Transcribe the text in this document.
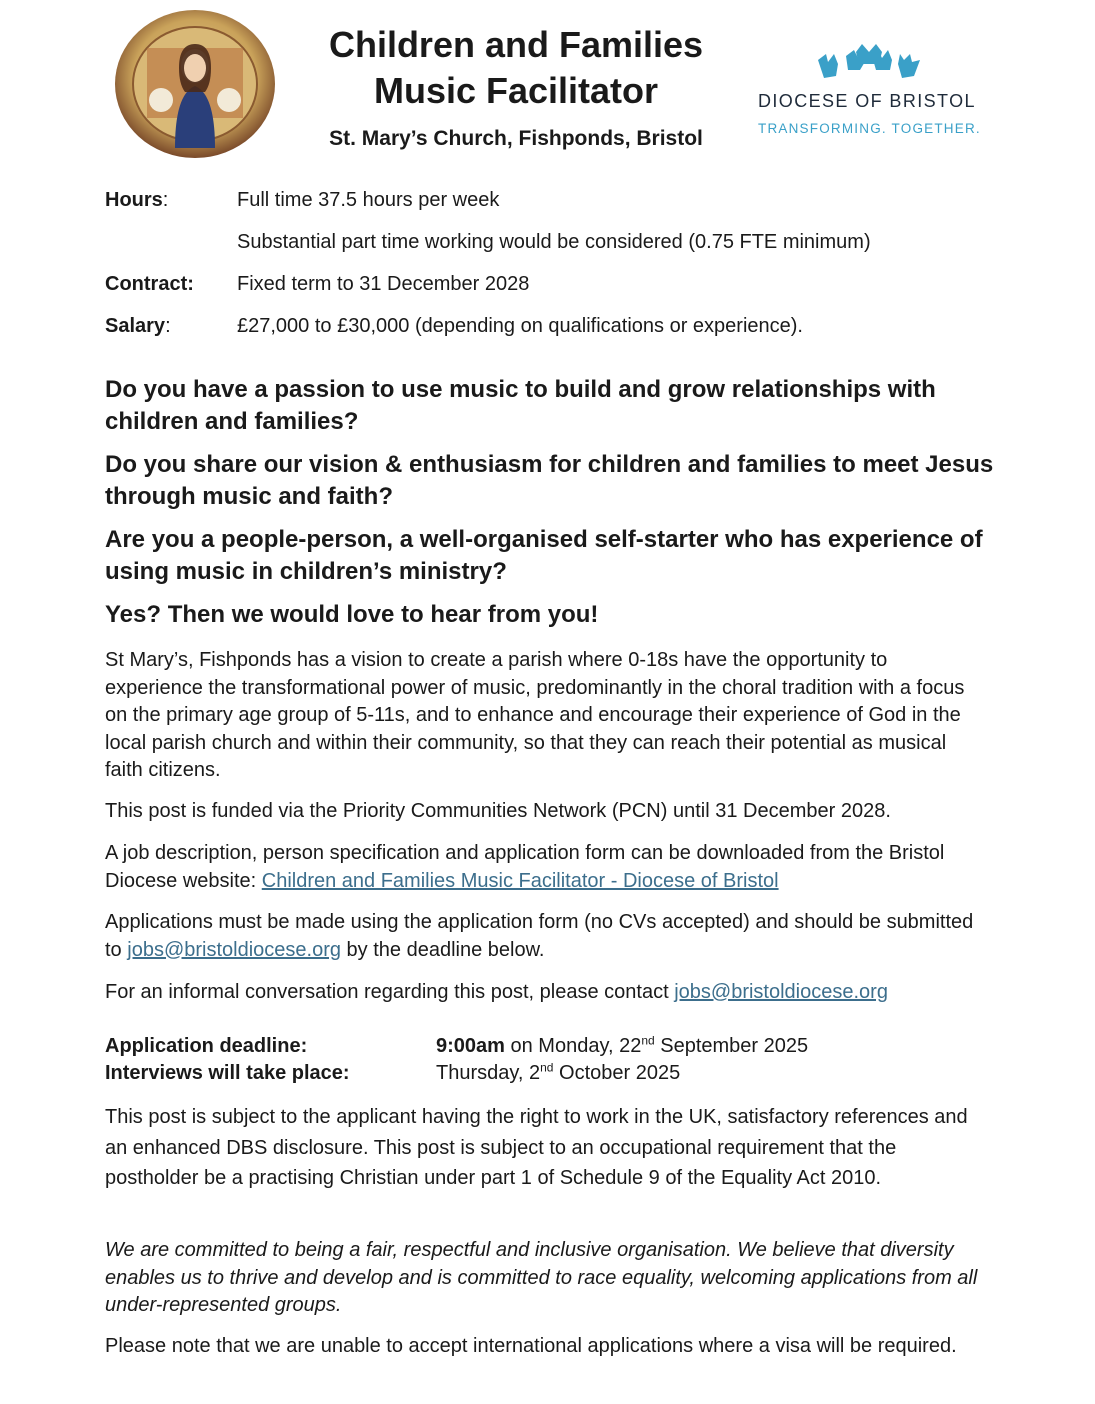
Children and Families
Music Facilitator
St. Mary’s Church, Fishponds, Bristol
DIOCESE OF BRISTOL
TRANSFORMING. TOGETHER.
Hours:	Full time 37.5 hours per week
Substantial part time working would be considered (0.75 FTE minimum)
Contract: Fixed term to 31 December 2028
Salary:	£27,000 to £30,000 (depending on qualifications or experience).
Do you have a passion to use music to build and grow relationships with children and families?
Do you share our vision & enthusiasm for children and families to meet Jesus through music and faith?
Are you a people-person, a well-organised self-starter who has experience of using music in children’s ministry?
Yes? Then we would love to hear from you!
St Mary’s, Fishponds has a vision to create a parish where 0-18s have the opportunity to experience the transformational power of music, predominantly in the choral tradition with a focus on the primary age group of 5-11s, and to enhance and encourage their experience of God in the local parish church and within their community, so that they can reach their potential as musical faith citizens.
This post is funded via the Priority Communities Network (PCN) until 31 December 2028.
A job description, person specification and application form can be downloaded from the Bristol Diocese website: Children and Families Music Facilitator - Diocese of Bristol
Applications must be made using the application form (no CVs accepted) and should be submitted to jobs@bristoldiocese.org by the deadline below.
For an informal conversation regarding this post, please contact jobs@bristoldiocese.org
Application deadline:	9:00am on Monday, 22nd September 2025
Interviews will take place:	Thursday, 2nd October 2025
This post is subject to the applicant having the right to work in the UK, satisfactory references and an enhanced DBS disclosure. This post is subject to an occupational requirement that the postholder be a practising Christian under part 1 of Schedule 9 of the Equality Act 2010.
We are committed to being a fair, respectful and inclusive organisation. We believe that diversity enables us to thrive and develop and is committed to race equality, welcoming applications from all under-represented groups.
Please note that we are unable to accept international applications where a visa will be required.
